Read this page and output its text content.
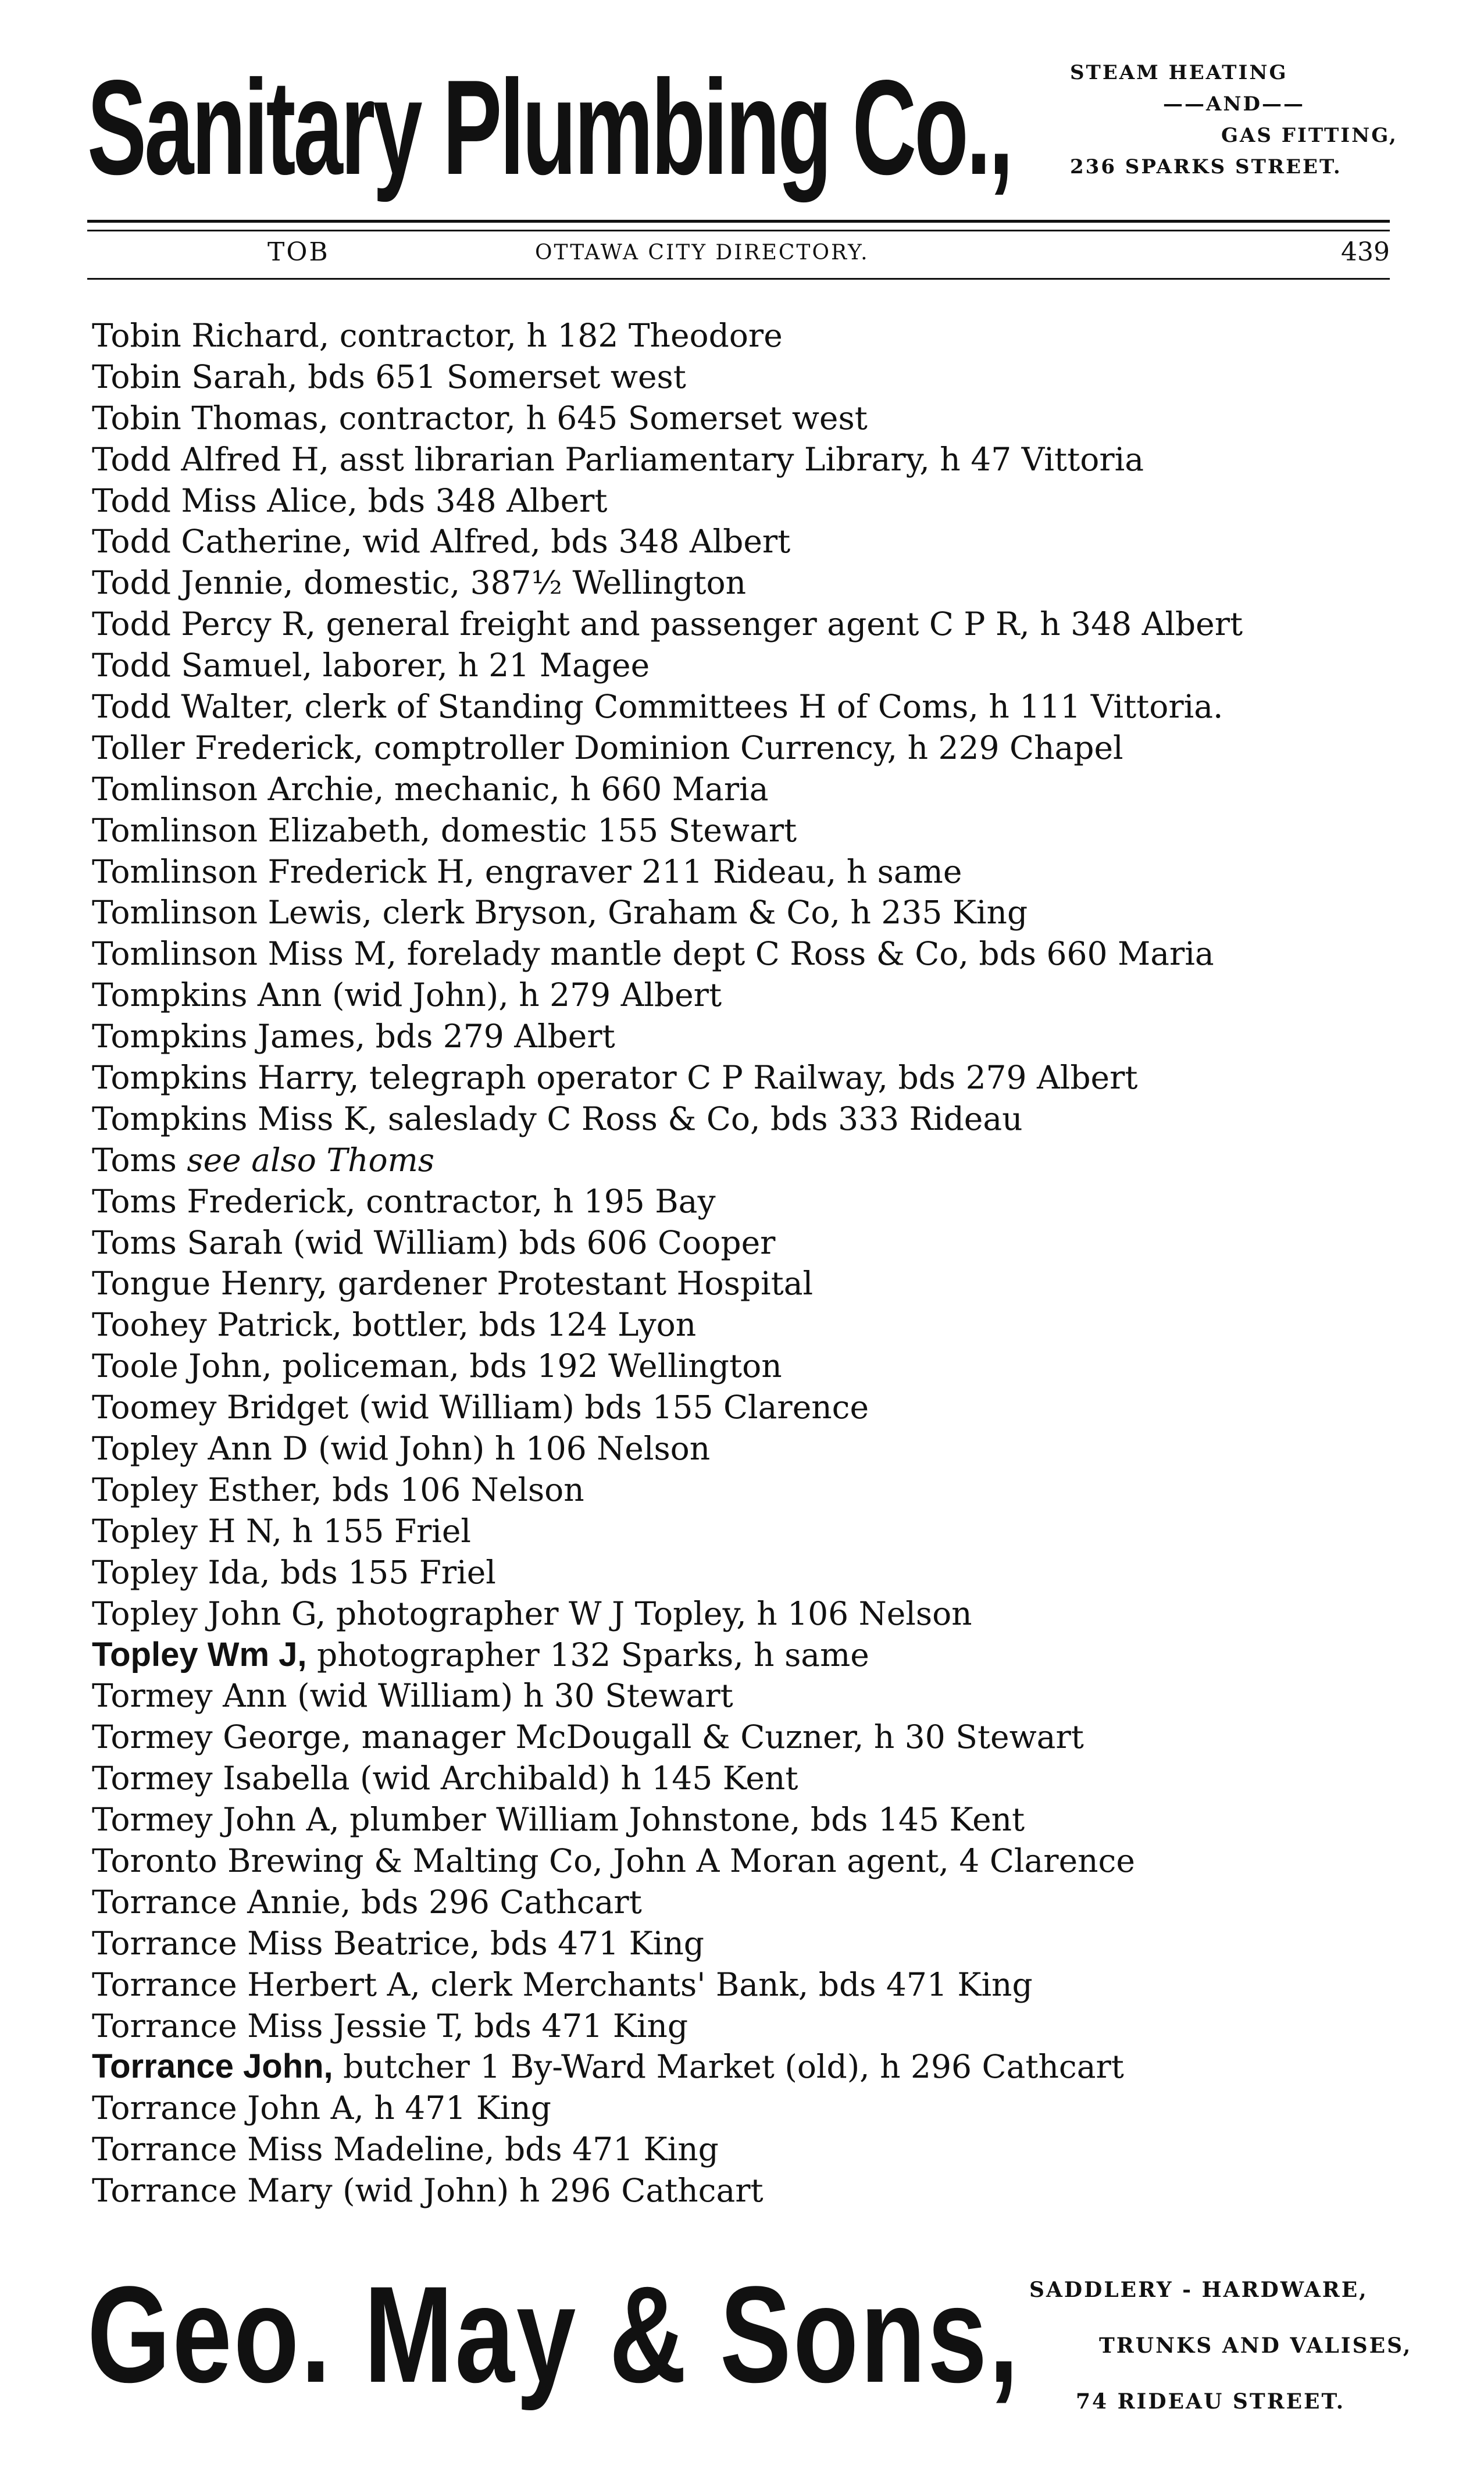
Sanitary Plumbing Co.,	STEAM HEATING
——AND——
GAS FITTING,
236 SPARKS STREET.
TOB	OTTAWA CITY DIRECTORY.	439
Tobin Richard, contractor, h 182 Theodore
Tobin Sarah, bds 651 Somerset west
Tobin Thomas, contractor, h 645 Somerset west
Todd Alfred H, asst librarian Parliamentary Library, h 47 Vittoria
Todd Miss Alice, bds 348 Albert
Todd Catherine, wid Alfred, bds 348 Albert
Todd Jennie, domestic, 387½ Wellington
Todd Percy R, general freight and passenger agent C P R, h 348 Albert
Todd Samuel, laborer, h 21 Magee
Todd Walter, clerk of Standing Committees H of Coms, h 111 Vittoria.
Toller Frederick, comptroller Dominion Currency, h 229 Chapel
Tomlinson Archie, mechanic, h 660 Maria
Tomlinson Elizabeth, domestic 155 Stewart
Tomlinson Frederick H, engraver 211 Rideau, h same
Tomlinson Lewis, clerk Bryson, Graham & Co, h 235 King
Tomlinson Miss M, forelady mantle dept C Ross & Co, bds 660 Maria
Tompkins Ann (wid John), h 279 Albert
Tompkins James, bds 279 Albert
Tompkins Harry, telegraph operator C P Railway, bds 279 Albert
Tompkins Miss K, saleslady C Ross & Co, bds 333 Rideau
Toms see also Thoms
Toms Frederick, contractor, h 195 Bay
Toms Sarah (wid William) bds 606 Cooper
Tongue Henry, gardener Protestant Hospital
Toohey Patrick, bottler, bds 124 Lyon
Toole John, policeman, bds 192 Wellington
Toomey Bridget (wid William) bds 155 Clarence
Topley Ann D (wid John) h 106 Nelson
Topley Esther, bds 106 Nelson
Topley H N, h 155 Friel
Topley Ida, bds 155 Friel
Topley John G, photographer W J Topley, h 106 Nelson
Topley Wm J, photographer 132 Sparks, h same
Tormey Ann (wid William) h 30 Stewart
Tormey George, manager McDougall & Cuzner, h 30 Stewart
Tormey Isabella (wid Archibald) h 145 Kent
Tormey John A, plumber William Johnstone, bds 145 Kent
Toronto Brewing & Malting Co, John A Moran agent, 4 Clarence
Torrance Annie, bds 296 Cathcart
Torrance Miss Beatrice, bds 471 King
Torrance Herbert A, clerk Merchants' Bank, bds 471 King
Torrance Miss Jessie T, bds 471 King
Torrance John, butcher 1 By-Ward Market (old), h 296 Cathcart
Torrance John A, h 471 King
Torrance Miss Madeline, bds 471 King
Torrance Mary (wid John) h 296 Cathcart
Geo. May & Sons, SADDLERY - HARDWARE,
TRUNKS AND VALISES,
74 RIDEAU STREET.
